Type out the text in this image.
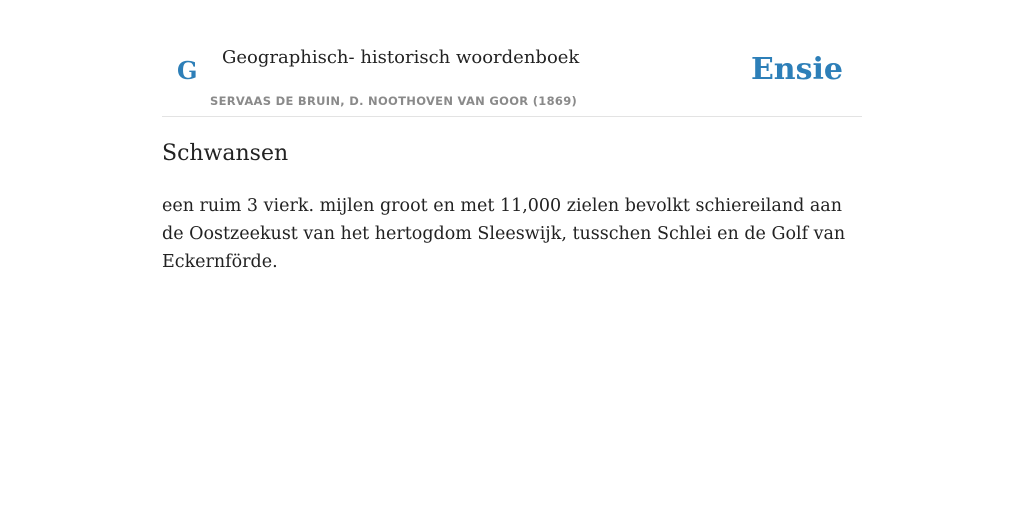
G Geographisch- historisch woordenboek
SERVAAS DE BRUIN, D. NOOTHOVEN VAN GOOR (1869)
Ensie
Schwansen

een ruim 3 vierk. mijlen groot en met 11,000 zielen bevolkt schiereiland aan de Oostzeekust van het hertogdom Sleeswijk, tusschen Schlei en de Golf van Eckernförde.
